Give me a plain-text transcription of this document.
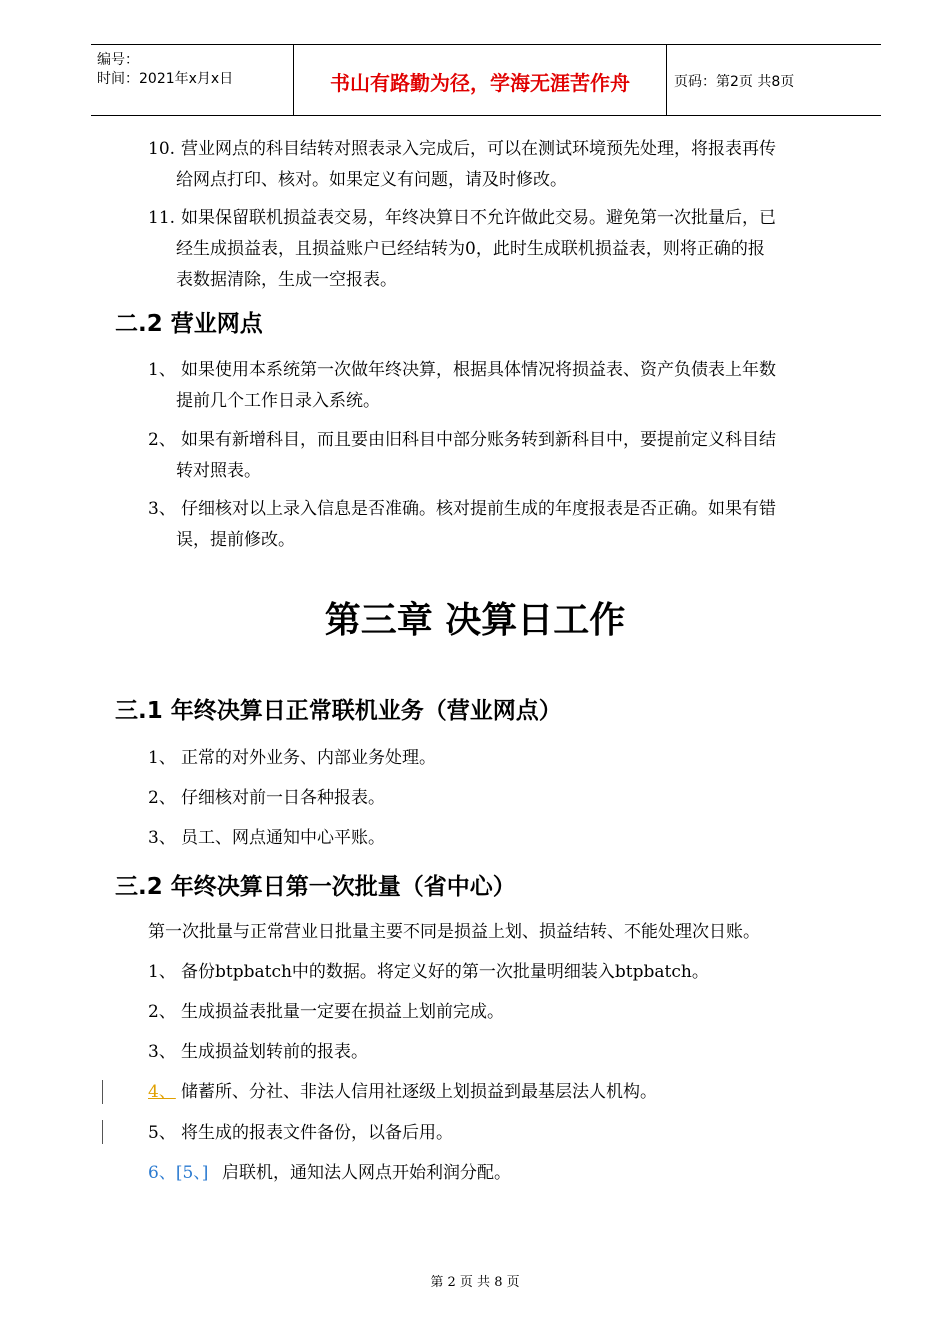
编号：
时间：2021年x月x日	书山有路勤为径，学海无涯苦作舟	页码：第2页 共8页
10. 营业网点的科目结转对照表录入完成后，可以在测试环境预先处理，将报表再传
给网点打印、核对。如果定义有问题，请及时修改。
11. 如果保留联机损益表交易，年终决算日不允许做此交易。避免第一次批量后，已
经生成损益表，且损益账户已经结转为0，此时生成联机损益表，则将正确的报
表数据清除，生成一空报表。
二.2 营业网点
1、 如果使用本系统第一次做年终决算，根据具体情况将损益表、资产负债表上年数
提前几个工作日录入系统。
2、 如果有新增科目，而且要由旧科目中部分账务转到新科目中，要提前定义科目结
转对照表。
3、 仔细核对以上录入信息是否准确。核对提前生成的年度报表是否正确。如果有错
误，提前修改。
第三章 决算日工作
三.1 年终决算日正常联机业务（营业网点）
1、 正常的对外业务、内部业务处理。
2、 仔细核对前一日各种报表。
3、 员工、网点通知中心平账。
三.2 年终决算日第一次批量（省中心）
第一次批量与正常营业日批量主要不同是损益上划、损益结转、不能处理次日账。
1、 备份btpbatch中的数据。将定义好的第一次批量明细装入btpbatch。
2、 生成损益表批量一定要在损益上划前完成。
3、 生成损益划转前的报表。
4、 储蓄所、分社、非法人信用社逐级上划损益到最基层法人机构。
5、 将生成的报表文件备份，以备后用。
6、[5、] 启联机，通知法人网点开始利润分配。
第 2 页 共 8 页
